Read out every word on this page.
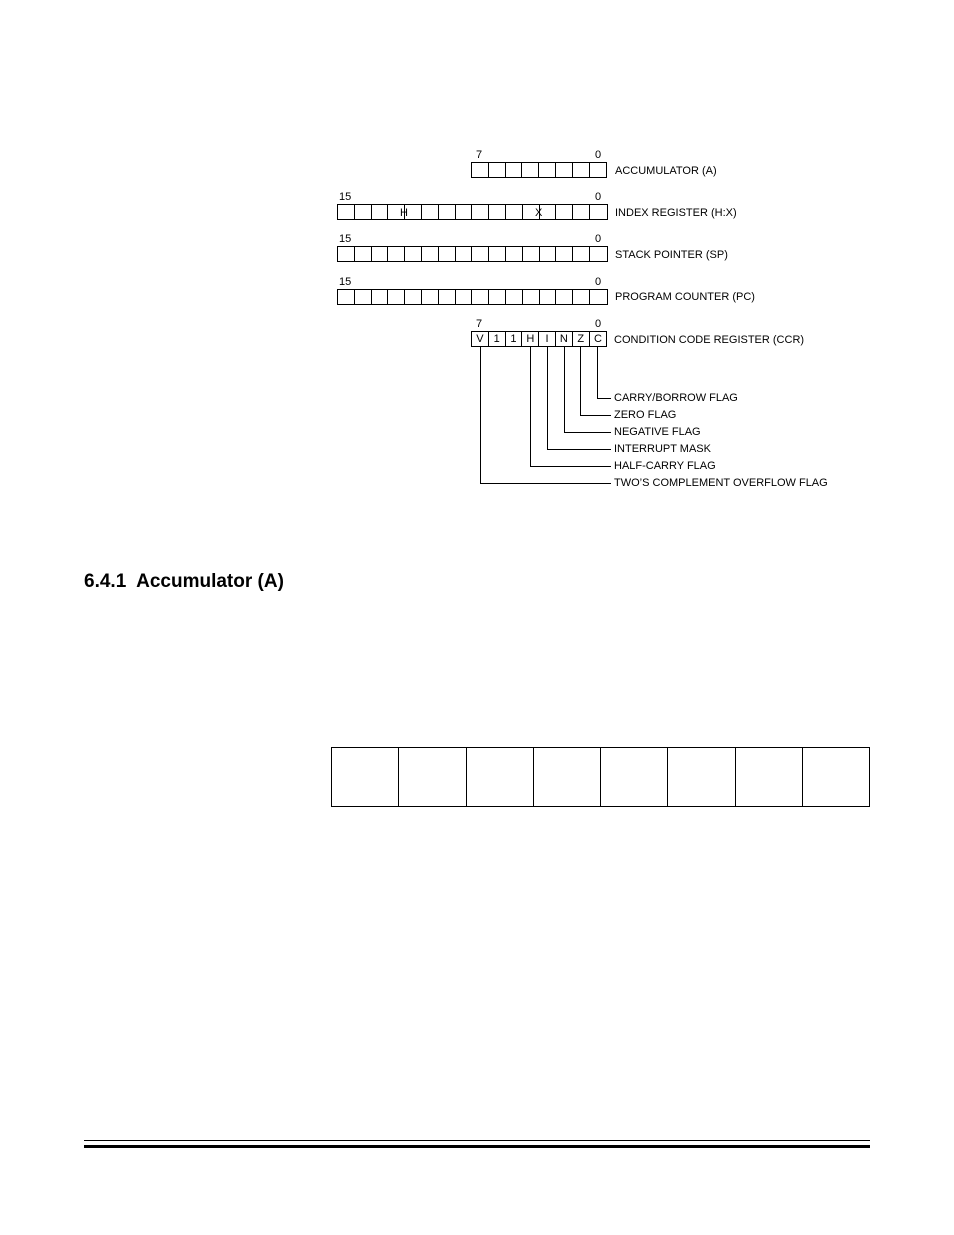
7	0
ACCUMULATOR (A)
15	0
H	X	INDEX REGISTER (H:X)
15	0
STACK POINTER (SP)
15	0
PROGRAM COUNTER (PC)
7	0
V 1 1 H	I	N Z C	CONDITION CODE REGISTER (CCR)
CARRY/BORROW FLAG
ZERO FLAG
NEGATIVE FLAG
INTERRUPT MASK
HALF-CARRY FLAG
TWO’S COMPLEMENT OVERFLOW FLAG
6.4.1 Accumulator (A)
